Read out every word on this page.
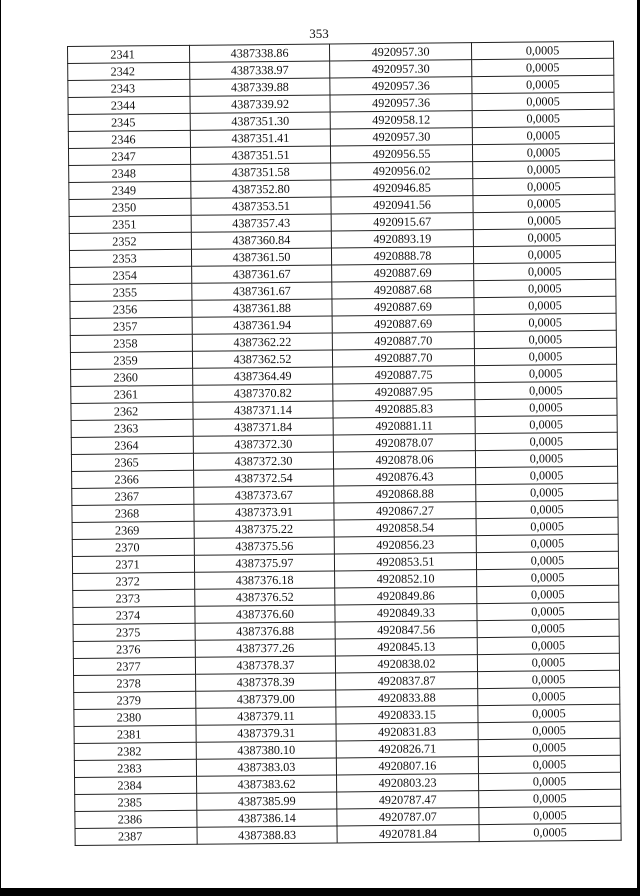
353
2341	4387338.86	4920957.30	0,0005
2342	4387338.97	4920957.30	0,0005
2343	4387339.88	4920957.36	0,0005
2344	4387339.92	4920957.36	0,0005
2345	4387351.30	4920958.12	0,0005
2346	4387351.41	4920957.30	0,0005
2347	4387351.51	4920956.55	0,0005
2348	4387351.58	4920956.02	0,0005
2349	4387352.80	4920946.85	0,0005
2350	4387353.51	4920941.56	0,0005
2351	4387357.43	4920915.67	0,0005
2352	4387360.84	4920893.19	0,0005
2353	4387361.50	4920888.78	0,0005
2354	4387361.67	4920887.69	0,0005
2355	4387361.67	4920887.68	0,0005
2356	4387361.88	4920887.69	0,0005
2357	4387361.94	4920887.69	0,0005
2358	4387362.22	4920887.70	0,0005
2359	4387362.52	4920887.70	0,0005
2360	4387364.49	4920887.75	0,0005
2361	4387370.82	4920887.95	0,0005
2362	4387371.14	4920885.83	0,0005
2363	4387371.84	4920881.11	0,0005
2364	4387372.30	4920878.07	0,0005
2365	4387372.30	4920878.06	0,0005
2366	4387372.54	4920876.43	0,0005
2367	4387373.67	4920868.88	0,0005
2368	4387373.91	4920867.27	0,0005
2369	4387375.22	4920858.54	0,0005
2370	4387375.56	4920856.23	0,0005
2371	4387375.97	4920853.51	0,0005
2372	4387376.18	4920852.10	0,0005
2373	4387376.52	4920849.86	0,0005
2374	4387376.60	4920849.33	0,0005
2375	4387376.88	4920847.56	0,0005
2376	4387377.26	4920845.13	0,0005
2377	4387378.37	4920838.02	0,0005
2378	4387378.39	4920837.87	0,0005
2379	4387379.00	4920833.88	0,0005
2380	4387379.11	4920833.15	0,0005
2381	4387379.31	4920831.83	0,0005
2382	4387380.10	4920826.71	0,0005
2383	4387383.03	4920807.16	0,0005
2384	4387383.62	4920803.23	0,0005
2385	4387385.99	4920787.47	0,0005
2386	4387386.14	4920787.07	0,0005
2387	4387388.83	4920781.84	0,0005
